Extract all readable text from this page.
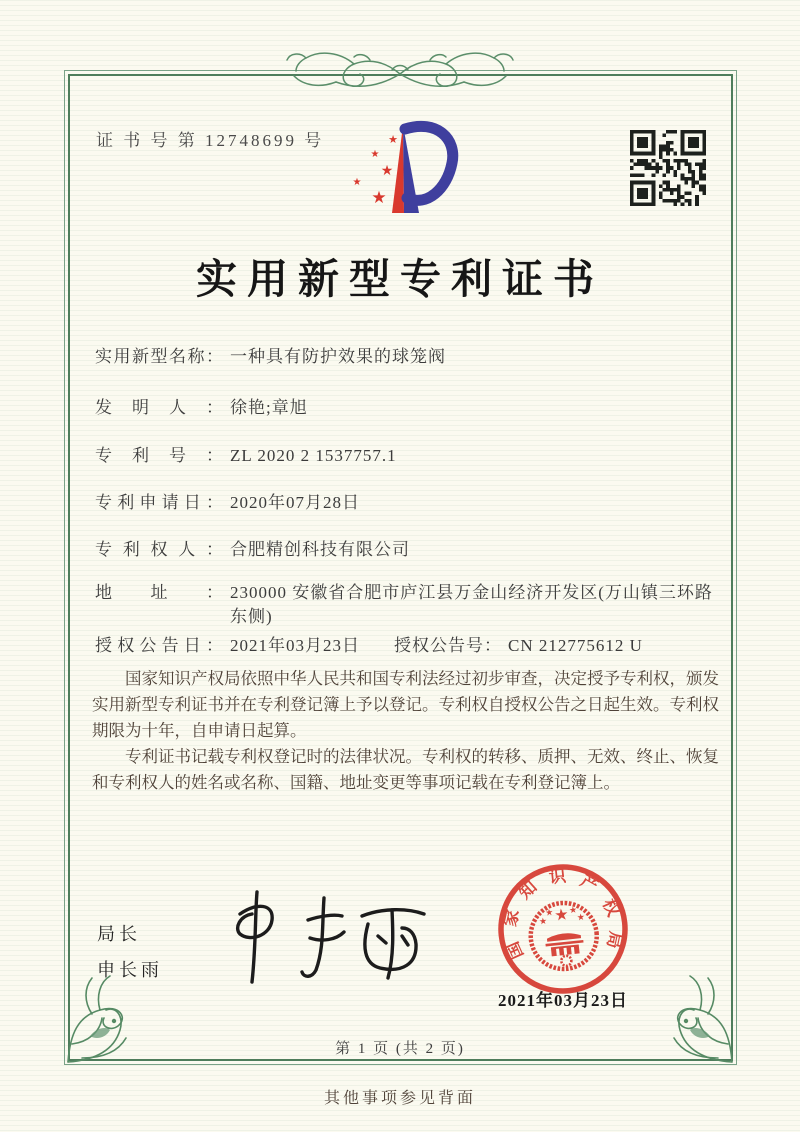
证 书 号 第 12748699 号	★
★
★
★
★
实用新型专利证书
实用新型名称： 一种具有防护效果的球笼阀
发明人： 徐艳;章旭
专利号： ZL 2020 2 1537757.1
专利申请日： 2020年07月28日
专利权人： 合肥精创科技有限公司
地址： 230000 安徽省合肥市庐江县万金山经济开发区(万山镇三环路东侧)
授权公告日： 2021年03月23日 授权公告号： CN 212775612 U

国家知识产权局依照中华人民共和国专利法经过初步审查，决定授予专利权，颁发实用新型专利证书并在专利登记簿上予以登记。专利权自授权公告之日起生效。专利权期限为十年，自申请日起算。

专利证书记载专利权登记时的法律状况。专利权的转移、质押、无效、终止、恢复和专利权人的姓名或名称、国籍、地址变更等事项记载在专利登记簿上。

局长
申长雨
国
家
知
识 产
权
局
★
★
★ ★
★
2021年03月23日
第 1 页 (共 2 页)
其他事项参见背面
